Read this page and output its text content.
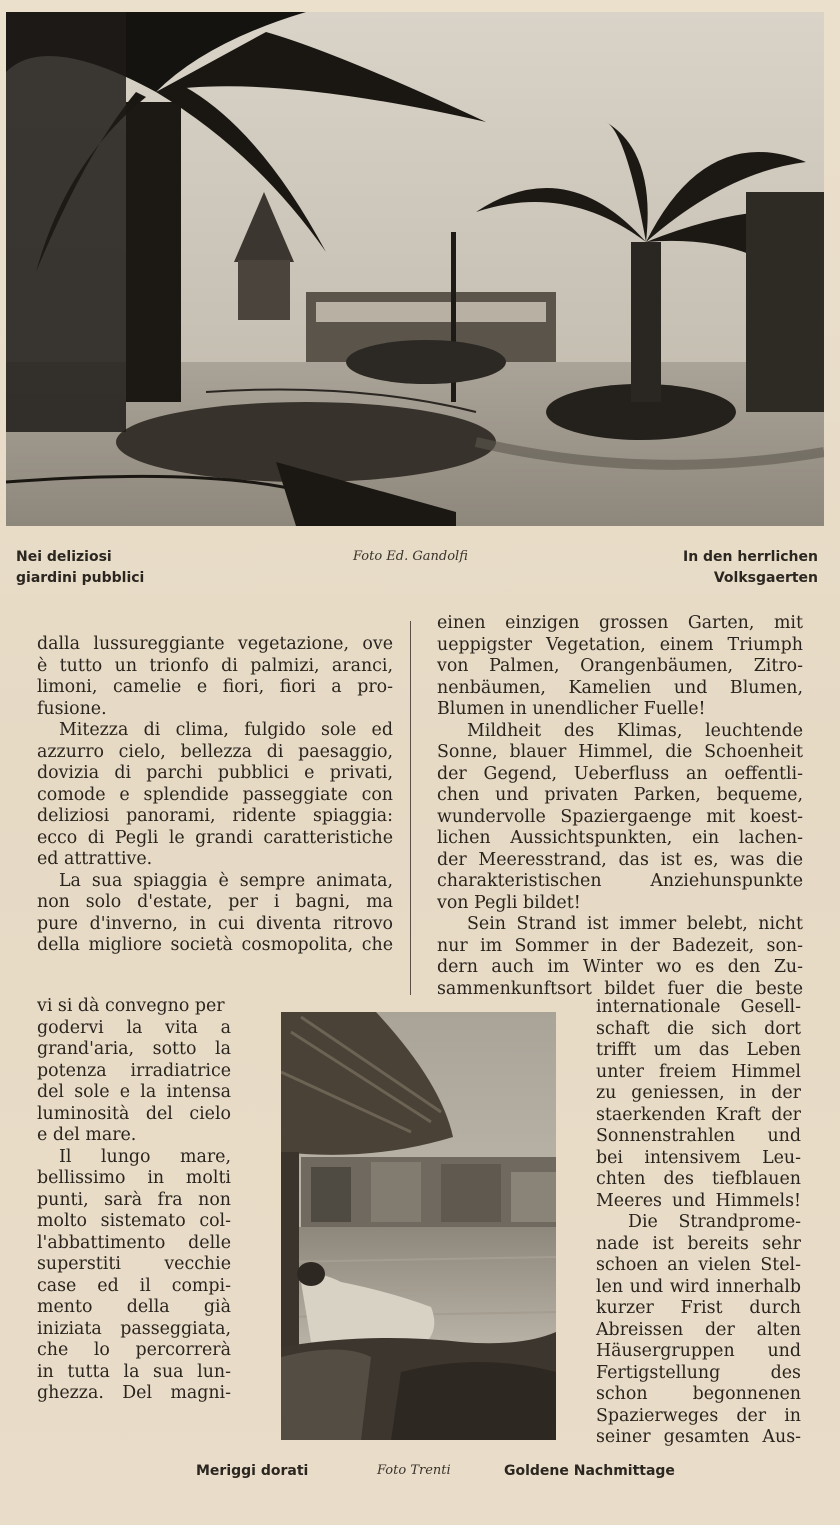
Nei deliziosi
giardini pubblici
Foto Ed. Gandolfi	In den herrlichen
Volksgaerten
dalla lussureggiante vegetazione, ove
è tutto un trionfo di palmizi, aranci,
limoni, camelie e fiori, fiori a pro-
fusione.
Mitezza di clima, fulgido sole ed
azzurro cielo, bellezza di paesaggio,
dovizia di parchi pubblici e privati,
comode e splendide passeggiate con
deliziosi panorami, ridente spiaggia:
ecco di Pegli le grandi caratteristiche
ed attrattive.
La sua spiaggia è sempre animata,
non solo d'estate, per i bagni, ma
pure d'inverno, in cui diventa ritrovo
della migliore società cosmopolita, che
einen einzigen grossen Garten, mit
ueppigster Vegetation, einem Triumph
von Palmen, Orangenbäumen, Zitro-
nenbäumen, Kamelien und Blumen,
Blumen in unendlicher Fuelle!
Mildheit des Klimas, leuchtende
Sonne, blauer Himmel, die Schoenheit
der Gegend, Ueberfluss an oeffentli-
chen und privaten Parken, bequeme,
wundervolle Spaziergaenge mit koest-
lichen Aussichtspunkten, ein lachen-
der Meeresstrand, das ist es, was die
charakteristischen Anziehunspunkte
von Pegli bildet!
Sein Strand ist immer belebt, nicht
nur im Sommer in der Badezeit, son-
dern auch im Winter wo es den Zu-
sammenkunftsort bildet fuer die beste
vi si dà convegno per
godervi la vita a
grand'aria, sotto la
potenza irradiatrice
del sole e la intensa
luminosità del cielo
e del mare.
Il lungo mare,
bellissimo in molti
punti, sarà fra non
molto sistemato col-
l'abbattimento delle
superstiti vecchie
case ed il compi-
mento della già
iniziata passeggiata,
che lo percorrerà
in tutta la sua lun-
ghezza. Del magni-
internationale Gesell-
schaft die sich dort
trifft um das Leben
unter freiem Himmel
zu geniessen, in der
staerkenden Kraft der
Sonnenstrahlen und
bei intensivem Leu-
chten des tiefblauen
Meeres und Himmels!
Die Strandprome-
nade ist bereits sehr
schoen an vielen Stel-
len und wird innerhalb
kurzer Frist durch
Abreissen der alten
Häusergruppen und
Fertigstellung des
schon begonnenen
Spazierweges der in
seiner gesamten Aus-
Meriggi dorati	Foto Trenti	Goldene Nachmittage
